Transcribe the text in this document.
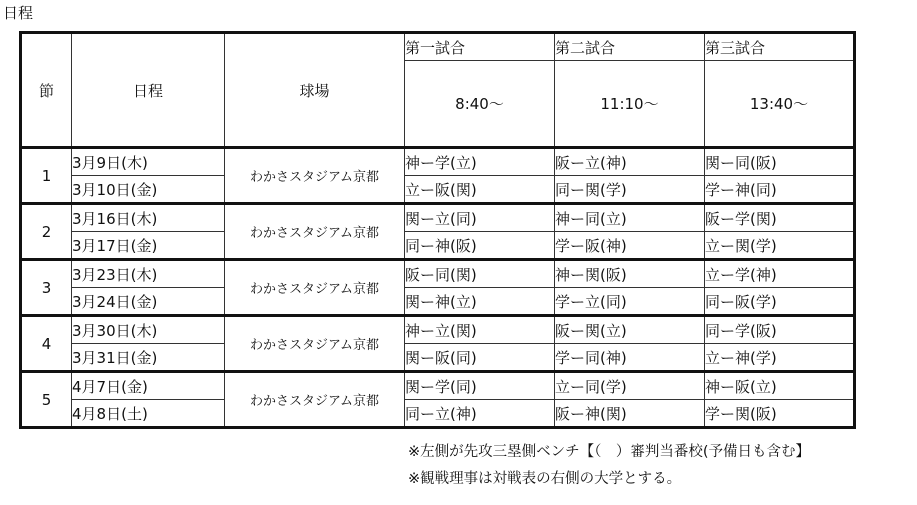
日程
節	日程	球場	第一試合	第二試合	第三試合
			8:40～	11:10～	13:40～
1	3月9日(木)	わかさスタジアム京都	神ー学(立)	阪ー立(神)	関ー同(阪)
	3月10日(金)		立ー阪(関)	同ー関(学)	学ー神(同)
2	3月16日(木)	わかさスタジアム京都	関ー立(同)	神ー同(立)	阪ー学(関)
	3月17日(金)		同ー神(阪)	学ー阪(神)	立ー関(学)
3	3月23日(木)	わかさスタジアム京都	阪ー同(関)	神ー関(阪)	立ー学(神)
	3月24日(金)		関ー神(立)	学ー立(同)	同ー阪(学)
4	3月30日(木)	わかさスタジアム京都	神ー立(関)	阪ー関(立)	同ー学(阪)
	3月31日(金)		関ー阪(同)	学ー同(神)	立ー神(学)
5	4月7日(金)	わかさスタジアム京都	関ー学(同)	立ー同(学)	神ー阪(立)
	4月8日(土)		同ー立(神)	阪ー神(関)	学ー関(阪)
※左側が先攻三塁側ベンチ【（　）審判当番校(予備日も含む】
※観戦理事は対戦表の右側の大学とする。
